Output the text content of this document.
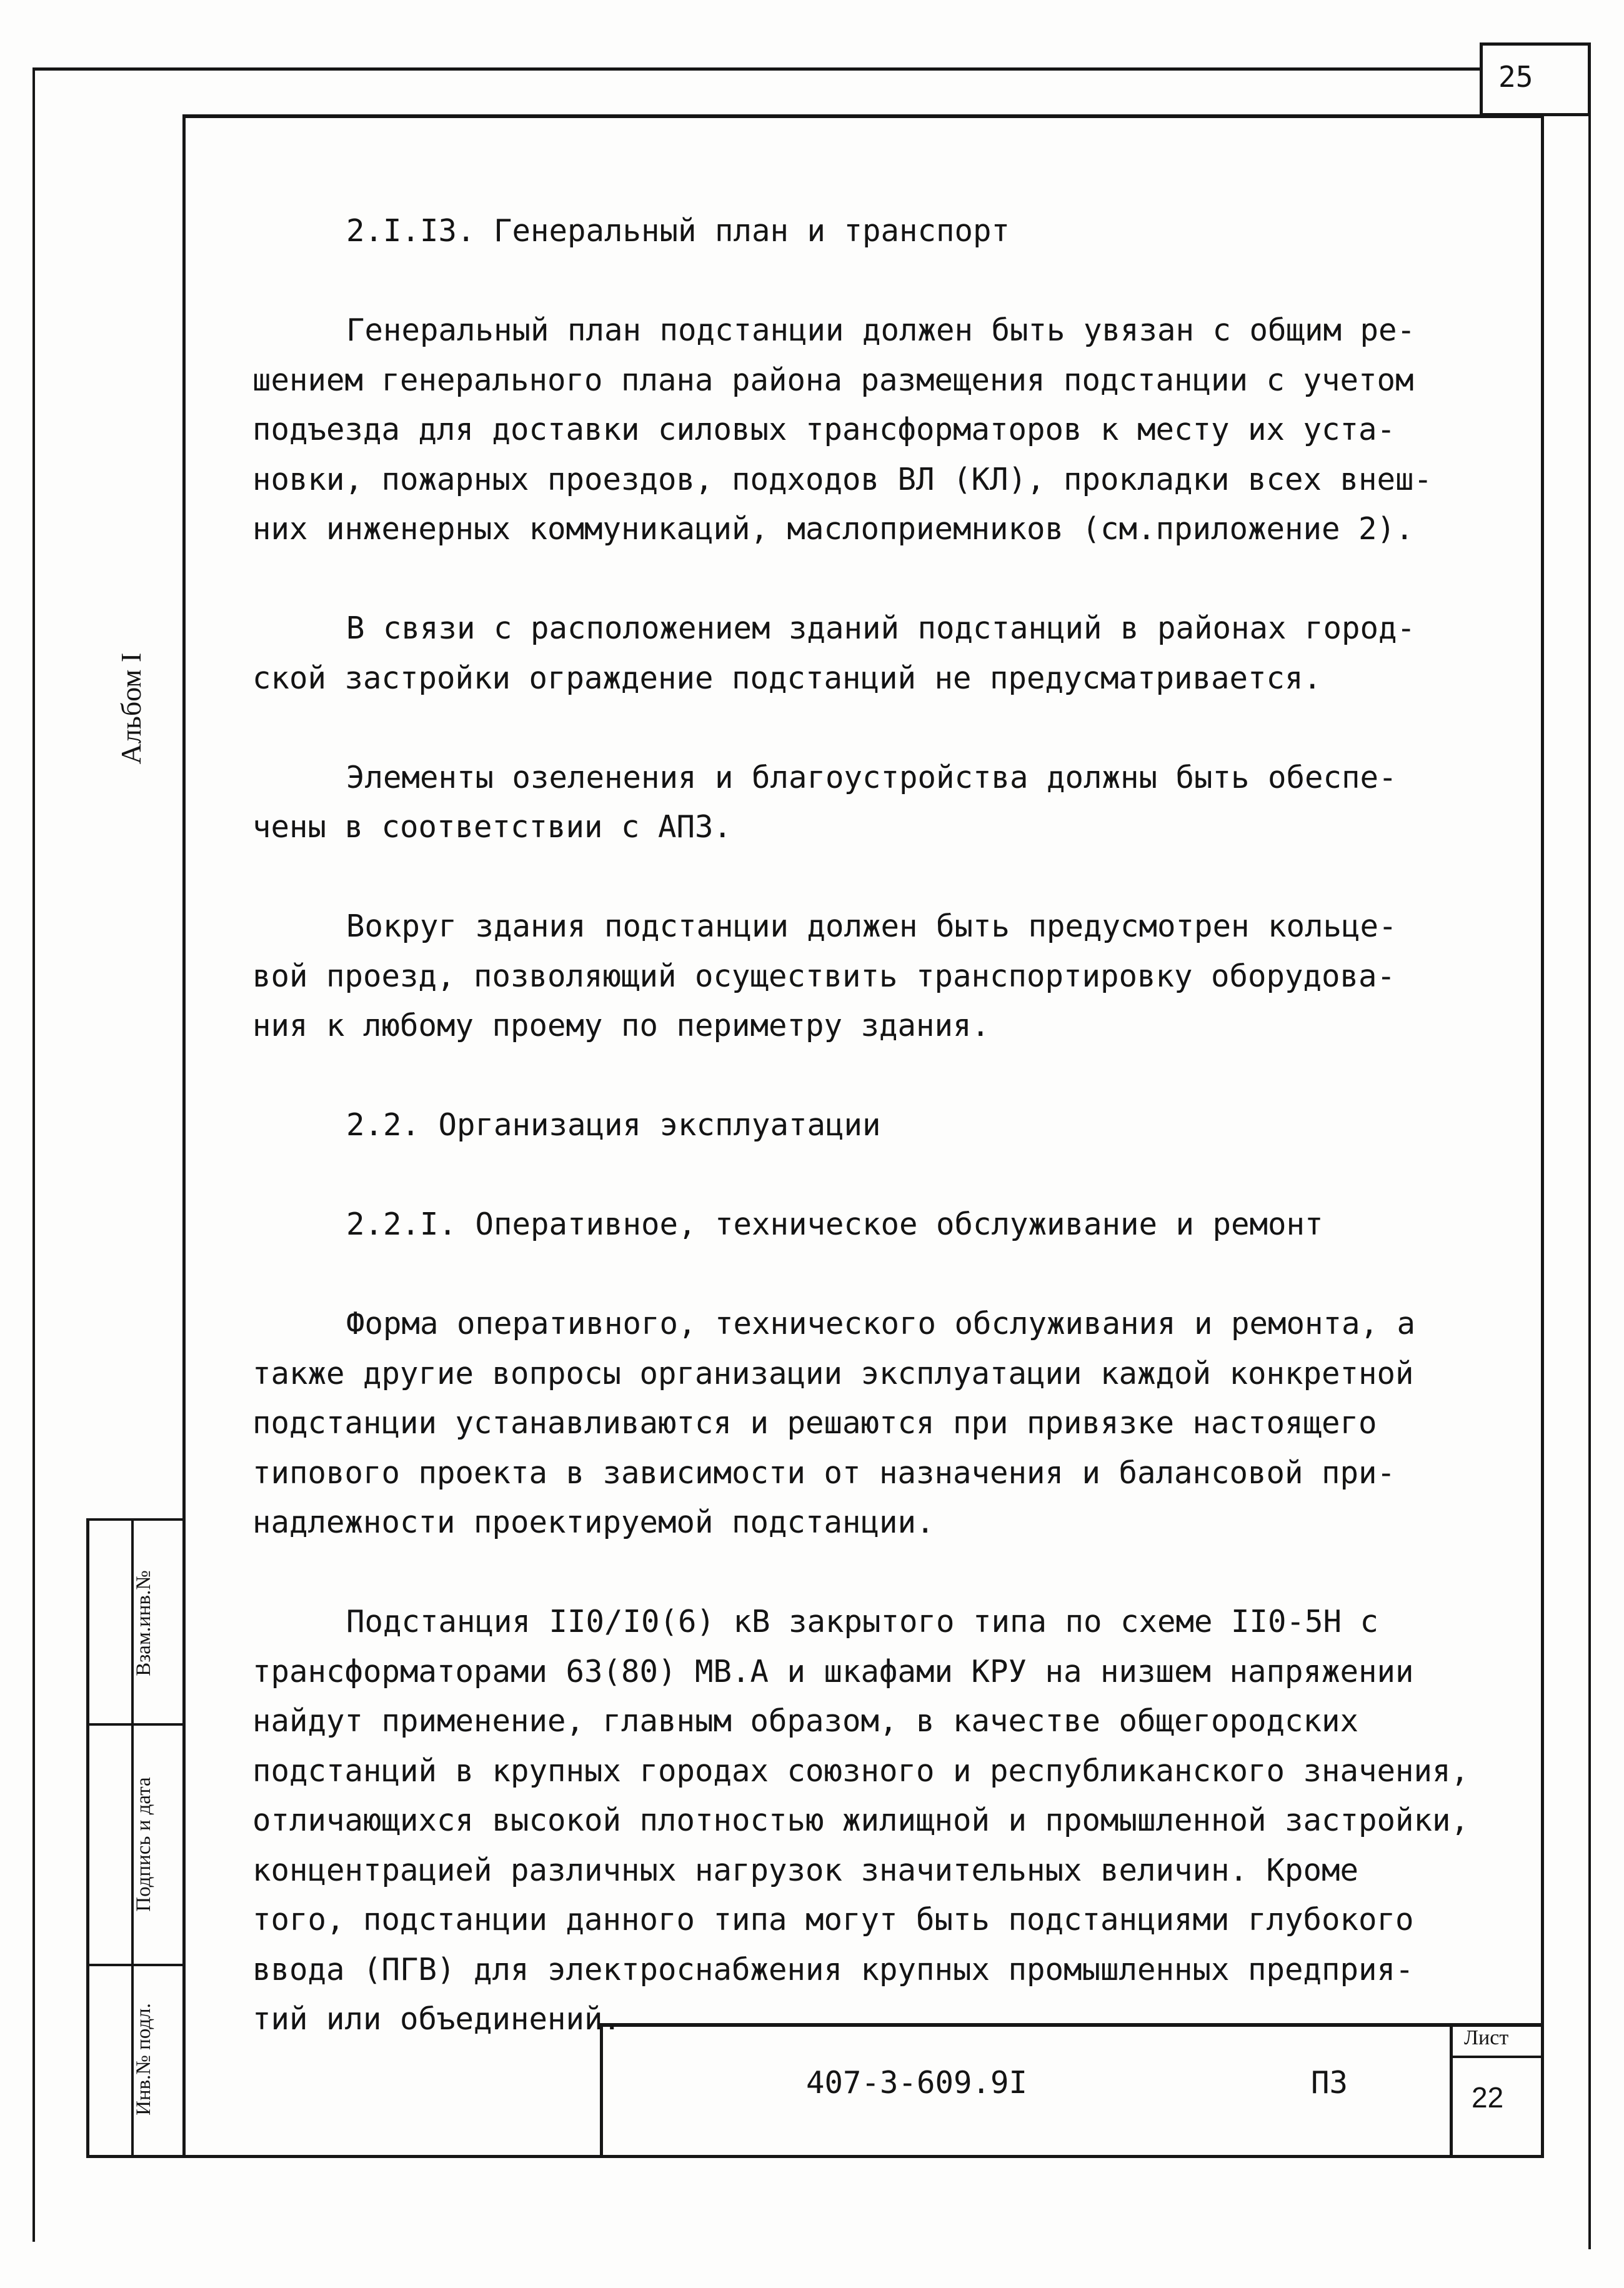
25
Взам.инв.№
Подпись и дата
Инв.№ подл.
Альбом I
407-3-609.9I	ПЗ
Лист
22
2.I.I3. Генеральный план и транспорт
Генеральный план подстанции должен быть увязан с общим ре-
шением генерального плана района размещения подстанции с учетом
подъезда для доставки силовых трансформаторов к месту их уста-
новки, пожарных проездов, подходов ВЛ (КЛ), прокладки всех внеш-
них инженерных коммуникаций, маслоприемников (см.приложение 2).
В связи с расположением зданий подстанций в районах город-
ской застройки ограждение подстанций не предусматривается.
Элементы озеленения и благоустройства должны быть обеспе-
чены в соответствии с АПЗ.
Вокруг здания подстанции должен быть предусмотрен кольце-
вой проезд, позволяющий осуществить транспортировку оборудова-
ния к любому проему по периметру здания.
2.2. Организация эксплуатации
2.2.I. Оперативное, техническое обслуживание и ремонт
Форма оперативного, технического обслуживания и ремонта, а
также другие вопросы организации эксплуатации каждой конкретной
подстанции устанавливаются и решаются при привязке настоящего
типового проекта в зависимости от назначения и балансовой при-
надлежности проектируемой подстанции.
Подстанция II0/I0(6) кВ закрытого типа по схеме II0-5Н с
трансформаторами 63(80) МВ.А и шкафами КРУ на низшем напряжении
найдут применение, главным образом, в качестве общегородских
подстанций в крупных городах союзного и республиканского значения,
отличающихся высокой плотностью жилищной и промышленной застройки,
концентрацией различных нагрузок значительных величин. Кроме
того, подстанции данного типа могут быть подстанциями глубокого
ввода (ПГВ) для электроснабжения крупных промышленных предприя-
тий или объединений.
